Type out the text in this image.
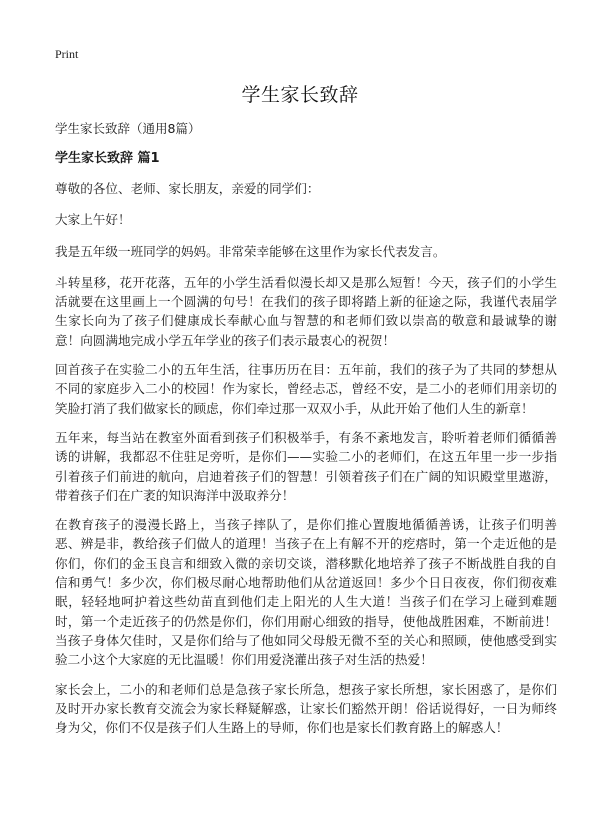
Print
学生家长致辞

学生家长致辞（通用8篇）

学生家长致辞 篇1

尊敬的各位、老师、家长朋友，亲爱的同学们：

大家上午好！

我是五年级一班同学的妈妈。非常荣幸能够在这里作为家长代表发言。

斗转星移，花开花落，五年的小学生活看似漫长却又是那么短暂！今天，孩子们的小学生活就要在这里画上一个圆满的句号！在我们的孩子即将踏上新的征途之际，我谨代表届学生家长向为了孩子们健康成长奉献心血与智慧的和老师们致以崇高的敬意和最诚挚的谢意！向圆满地完成小学五年学业的孩子们表示最衷心的祝贺！

回首孩子在实验二小的五年生活，往事历历在目：五年前，我们的孩子为了共同的梦想从不同的家庭步入二小的校园！作为家长，曾经忐忑，曾经不安，是二小的老师们用亲切的笑脸打消了我们做家长的顾虑，你们牵过那一双双小手，从此开始了他们人生的新章！

五年来，每当站在教室外面看到孩子们积极举手，有条不紊地发言，聆听着老师们循循善诱的讲解，我都忍不住驻足旁听，是你们——实验二小的老师们，在这五年里一步一步指引着孩子们前进的航向，启迪着孩子们的智慧！引领着孩子们在广阔的知识殿堂里遨游，带着孩子们在广袤的知识海洋中汲取养分！

在教育孩子的漫漫长路上，当孩子摔队了，是你们推心置腹地循循善诱，让孩子们明善恶、辨是非，教给孩子们做人的道理！当孩子在上有解不开的疙瘩时，第一个走近他的是你们，你们的金玉良言和细致入微的亲切交谈，潜移默化地培养了孩子不断战胜自我的自信和勇气！多少次，你们极尽耐心地帮助他们从岔道返回！多少个日日夜夜，你们彻夜难眠，轻轻地呵护着这些幼苗直到他们走上阳光的人生大道！当孩子们在学习上碰到难题时，第一个走近孩子的仍然是你们，你们用耐心细致的指导，使他战胜困难，不断前进！当孩子身体欠佳时，又是你们给与了他如同父母般无微不至的关心和照顾，使他感受到实验二小这个大家庭的无比温暖！你们用爱浇灌出孩子对生活的热爱！

家长会上，二小的和老师们总是急孩子家长所急，想孩子家长所想，家长困惑了，是你们及时开办家长教育交流会为家长释疑解惑，让家长们豁然开朗！俗话说得好，一日为师终身为父，你们不仅是孩子们人生路上的导师，你们也是家长们教育路上的解惑人！
